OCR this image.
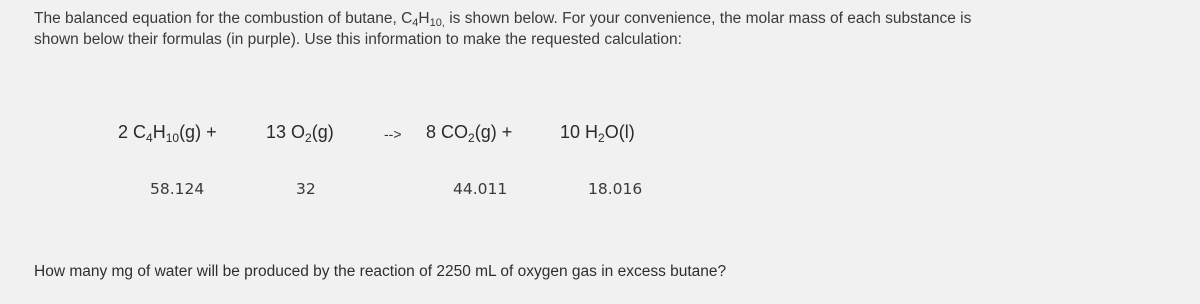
The balanced equation for the combustion of butane, $C_4H_{10,}$ is shown below. For your convenience, the molar mass of each substance is

shown below their formulas (in purple). Use this information to make the requested calculation:

2 $C_4H_{10}(g)$ +	13 $O_2(g)$	--> 8 $CO_2(g)$ +	10 $H_2O(l)$
58.124	32	44.011	18.016
How many mg of water will be produced by the reaction of 2250 mL of oxygen gas in excess butane?
